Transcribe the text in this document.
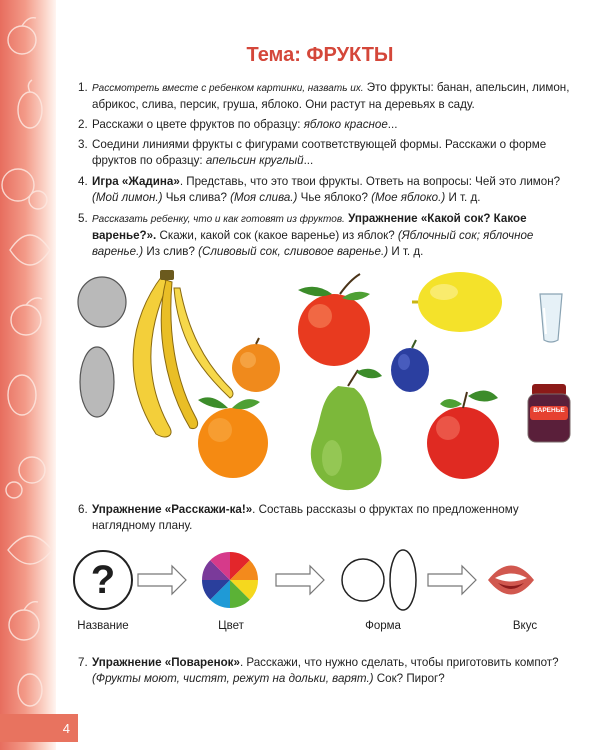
4
Тема: ФРУКТЫ
1. Рассмотреть вместе с ребенком картинки, назвать их. Это фрукты: банан, апельсин, лимон, абрикос, слива, персик, груша, яблоко. Они растут на деревьях в саду.
2. Расскажи о цвете фруктов по образцу: яблоко красное...
3. Соедини линиями фрукты с фигурами соответствующей формы. Расскажи о форме фруктов по образцу: апельсин круглый...
4. Игра «Жадина». Представь, что это твои фрукты. Ответь на вопросы: Чей это лимон? (Мой лимон.) Чья слива? (Моя слива.) Чье яблоко? (Мое яблоко.) И т. д.
5. Рассказать ребенку, что и как готовят из фруктов. Упражнение «Какой сок? Какое варенье?». Скажи, какой сок (какое варенье) из яблок? (Яблочный сок; яблочное варенье.) Из слив? (Сливовый сок, сливовое варенье.) И т. д.
ВАРЕНЬЕ
6. Упражнение «Расскажи-ка!». Составь рассказы о фруктах по предложенному наглядному плану.
?
Название	Цвет	Форма	Вкус
7. Упражнение «Поваренок». Расскажи, что нужно сделать, чтобы приготовить компот? (Фрукты моют, чистят, режут на дольки, варят.) Сок? Пирог?
